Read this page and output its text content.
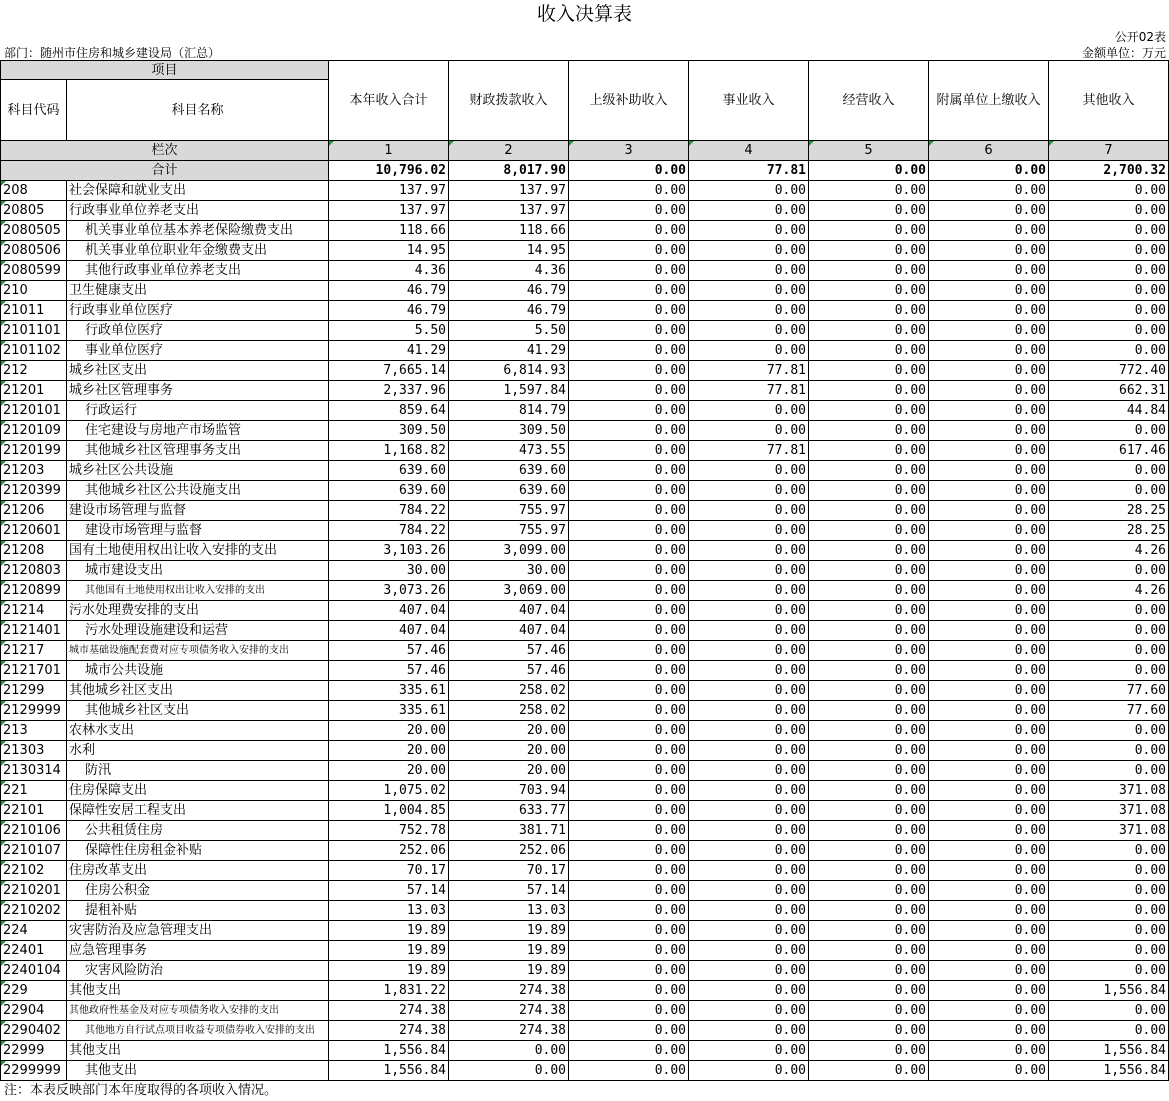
收入决算表
公开02表
部门：随州市住房和城乡建设局（汇总）	金额单位：万元
项目
科目代码	科目名称
本年收入合计	财政拨款收入	上级补助收入	事业收入	经营收入	附属单位上缴收入	其他收入
栏次	1	2	3	4	5	6	7
合计	10,796.02	8,017.90	0.00	77.81	0.00	0.00	2,700.32
208	社会保障和就业支出	137.97	137.97	0.00	0.00	0.00	0.00	0.00
20805	行政事业单位养老支出	137.97	137.97	0.00	0.00	0.00	0.00	0.00
2080505	机关事业单位基本养老保险缴费支出	118.66	118.66	0.00	0.00	0.00	0.00	0.00
2080506	机关事业单位职业年金缴费支出	14.95	14.95	0.00	0.00	0.00	0.00	0.00
2080599	其他行政事业单位养老支出	4.36	4.36	0.00	0.00	0.00	0.00	0.00
210	卫生健康支出	46.79	46.79	0.00	0.00	0.00	0.00	0.00
21011	行政事业单位医疗	46.79	46.79	0.00	0.00	0.00	0.00	0.00
2101101	行政单位医疗	5.50	5.50	0.00	0.00	0.00	0.00	0.00
2101102	事业单位医疗	41.29	41.29	0.00	0.00	0.00	0.00	0.00
212	城乡社区支出	7,665.14	6,814.93	0.00	77.81	0.00	0.00	772.40
21201	城乡社区管理事务	2,337.96	1,597.84	0.00	77.81	0.00	0.00	662.31
2120101	行政运行	859.64	814.79	0.00	0.00	0.00	0.00	44.84
2120109	住宅建设与房地产市场监管	309.50	309.50	0.00	0.00	0.00	0.00	0.00
2120199	其他城乡社区管理事务支出	1,168.82	473.55	0.00	77.81	0.00	0.00	617.46
21203	城乡社区公共设施	639.60	639.60	0.00	0.00	0.00	0.00	0.00
2120399	其他城乡社区公共设施支出	639.60	639.60	0.00	0.00	0.00	0.00	0.00
21206	建设市场管理与监督	784.22	755.97	0.00	0.00	0.00	0.00	28.25
2120601	建设市场管理与监督	784.22	755.97	0.00	0.00	0.00	0.00	28.25
21208	国有土地使用权出让收入安排的支出	3,103.26	3,099.00	0.00	0.00	0.00	0.00	4.26
2120803	城市建设支出	30.00	30.00	0.00	0.00	0.00	0.00	0.00
2120899	其他国有土地使用权出让收入安排的支出	3,073.26	3,069.00	0.00	0.00	0.00	0.00	4.26
21214	污水处理费安排的支出	407.04	407.04	0.00	0.00	0.00	0.00	0.00
2121401	污水处理设施建设和运营	407.04	407.04	0.00	0.00	0.00	0.00	0.00
21217	城市基础设施配套费对应专项债务收入安排的支出	57.46	57.46	0.00	0.00	0.00	0.00	0.00
2121701	城市公共设施	57.46	57.46	0.00	0.00	0.00	0.00	0.00
21299	其他城乡社区支出	335.61	258.02	0.00	0.00	0.00	0.00	77.60
2129999	其他城乡社区支出	335.61	258.02	0.00	0.00	0.00	0.00	77.60
213	农林水支出	20.00	20.00	0.00	0.00	0.00	0.00	0.00
21303	水利	20.00	20.00	0.00	0.00	0.00	0.00	0.00
2130314	防汛	20.00	20.00	0.00	0.00	0.00	0.00	0.00
221	住房保障支出	1,075.02	703.94	0.00	0.00	0.00	0.00	371.08
22101	保障性安居工程支出	1,004.85	633.77	0.00	0.00	0.00	0.00	371.08
2210106	公共租赁住房	752.78	381.71	0.00	0.00	0.00	0.00	371.08
2210107	保障性住房租金补贴	252.06	252.06	0.00	0.00	0.00	0.00	0.00
22102	住房改革支出	70.17	70.17	0.00	0.00	0.00	0.00	0.00
2210201	住房公积金	57.14	57.14	0.00	0.00	0.00	0.00	0.00
2210202	提租补贴	13.03	13.03	0.00	0.00	0.00	0.00	0.00
224	灾害防治及应急管理支出	19.89	19.89	0.00	0.00	0.00	0.00	0.00
22401	应急管理事务	19.89	19.89	0.00	0.00	0.00	0.00	0.00
2240104	灾害风险防治	19.89	19.89	0.00	0.00	0.00	0.00	0.00
229	其他支出	1,831.22	274.38	0.00	0.00	0.00	0.00	1,556.84
22904	其他政府性基金及对应专项债务收入安排的支出	274.38	274.38	0.00	0.00	0.00	0.00	0.00
2290402	其他地方自行试点项目收益专项债券收入安排的支出	274.38	274.38	0.00	0.00	0.00	0.00	0.00
22999	其他支出	1,556.84	0.00	0.00	0.00	0.00	0.00	1,556.84
2299999	其他支出	1,556.84	0.00	0.00	0.00	0.00	0.00	1,556.84
注：本表反映部门本年度取得的各项收入情况。
